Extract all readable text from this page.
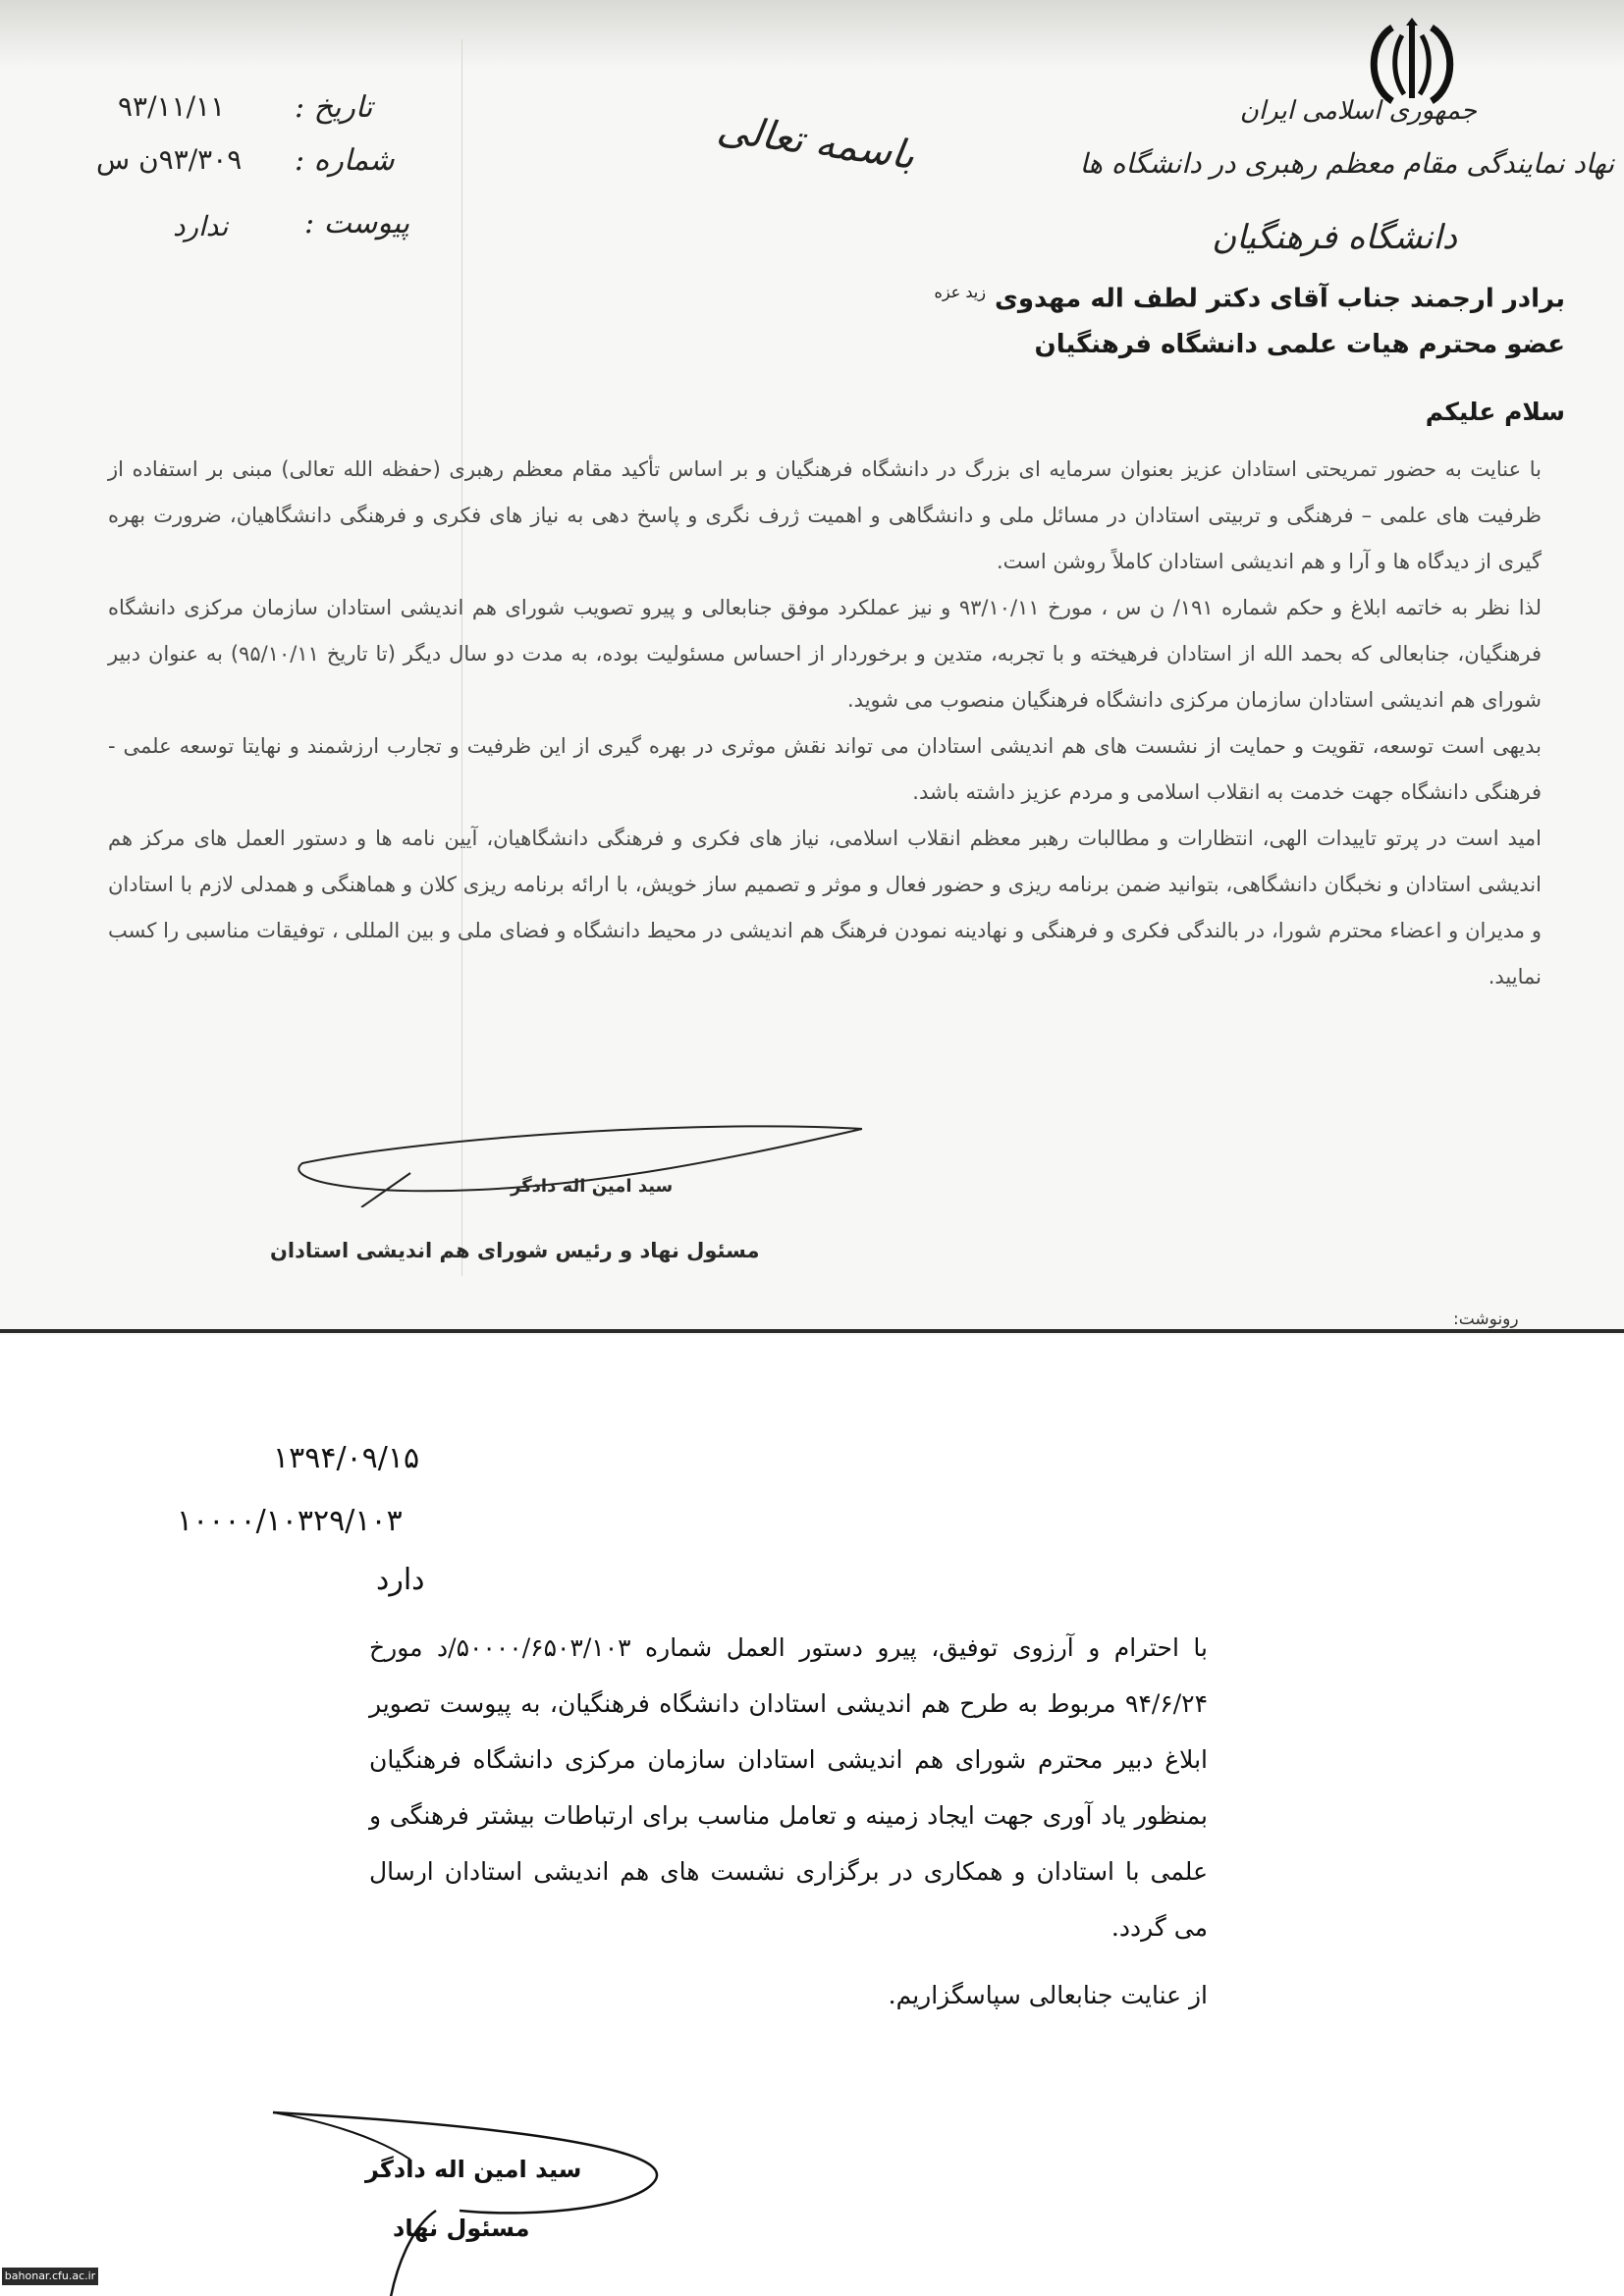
جمهوری اسلامی ایران
نهاد نمایندگی مقام معظم رهبری در دانشگاه ها
دانشگاه فرهنگیان
باسمه تعالی
تاریخ :
۹۳/۱۱/۱۱
شماره :
۹۳/۳۰۹ن س
پیوست :
ندارد
برادر ارجمند جناب آقای دکتر لطف اله مهدوی $^{زید عزه}$
عضو محترم هیات علمی دانشگاه فرهنگیان
سلام علیکم

با عنایت به حضور تمریحتی استادان عزیز بعنوان سرمایه ای بزرگ در دانشگاه فرهنگیان و بر اساس تأکید مقام معظم رهبری (حفظه الله تعالی) مبنی بر استفاده از ظرفیت های علمی – فرهنگی و تربیتی استادان در مسائل ملی و دانشگاهی و اهمیت ژرف نگری و پاسخ دهی به نیاز های فکری و فرهنگی دانشگاهیان، ضرورت بهره گیری از دیدگاه ها و آرا و هم اندیشی استادان کاملاً روشن است.

لذا نظر به خاتمه ابلاغ و حکم شماره ۱۹۱/ ن س ، مورخ ۹۳/۱۰/۱۱ و نیز عملکرد موفق جنابعالی و پیرو تصویب شورای هم اندیشی استادان سازمان مرکزی دانشگاه فرهنگیان، جنابعالی که بحمد الله از استادان فرهیخته و با تجربه، متدین و برخوردار از احساس مسئولیت بوده، به مدت دو سال دیگر (تا تاریخ ۹۵/۱۰/۱۱) به عنوان دبیر شورای هم اندیشی استادان سازمان مرکزی دانشگاه فرهنگیان منصوب می شوید.

بدیهی است توسعه، تقویت و حمایت از نشست های هم اندیشی استادان می تواند نقش موثری در بهره گیری از این ظرفیت و تجارب ارزشمند و نهایتا توسعه علمی - فرهنگی دانشگاه جهت خدمت به انقلاب اسلامی و مردم عزیز داشته باشد.

امید است در پرتو تاییدات الهی، انتظارات و مطالبات رهبر معظم انقلاب اسلامی، نیاز های فکری و فرهنگی دانشگاهیان، آیین نامه ها و دستور العمل های مرکز هم اندیشی استادان و نخبگان دانشگاهی، بتوانید ضمن برنامه ریزی و حضور فعال و موثر و تصمیم ساز خویش، با ارائه برنامه ریزی کلان و هماهنگی و همدلی لازم با استادان و مدیران و اعضاء محترم شورا، در بالندگی فکری و فرهنگی و نهادینه نمودن فرهنگ هم اندیشی در محیط دانشگاه و فضای ملی و بین المللی ، توفیقات مناسبی را کسب نمایید.

سید امین اله دادگر
مسئول نهاد و رئیس شورای هم اندیشی استادان
رونوشت:
۱۳۹۴/۰۹/۱۵
۱۰۰۰۰/۱۰۳۲۹/۱۰۳
دارد

با احترام و آرزوی توفیق، پیرو دستور العمل شماره ۵۰۰۰۰/۶۵۰۳/۱۰۳/د مورخ ۹۴/۶/۲۴ مربوط به طرح هم اندیشی استادان دانشگاه فرهنگیان، به پیوست تصویر ابلاغ دبیر محترم شورای هم اندیشی استادان سازمان مرکزی دانشگاه فرهنگیان بمنظور یاد آوری جهت ایجاد زمینه و تعامل مناسب برای ارتباطات بیشتر فرهنگی و علمی با استادان و همکاری در برگزاری نشست های هم اندیشی استادان ارسال می گردد.

از عنایت جنابعالی سپاسگزاریم.
سید امین اله دادگر
مسئول نهاد
bahonar.cfu.ac.ir
